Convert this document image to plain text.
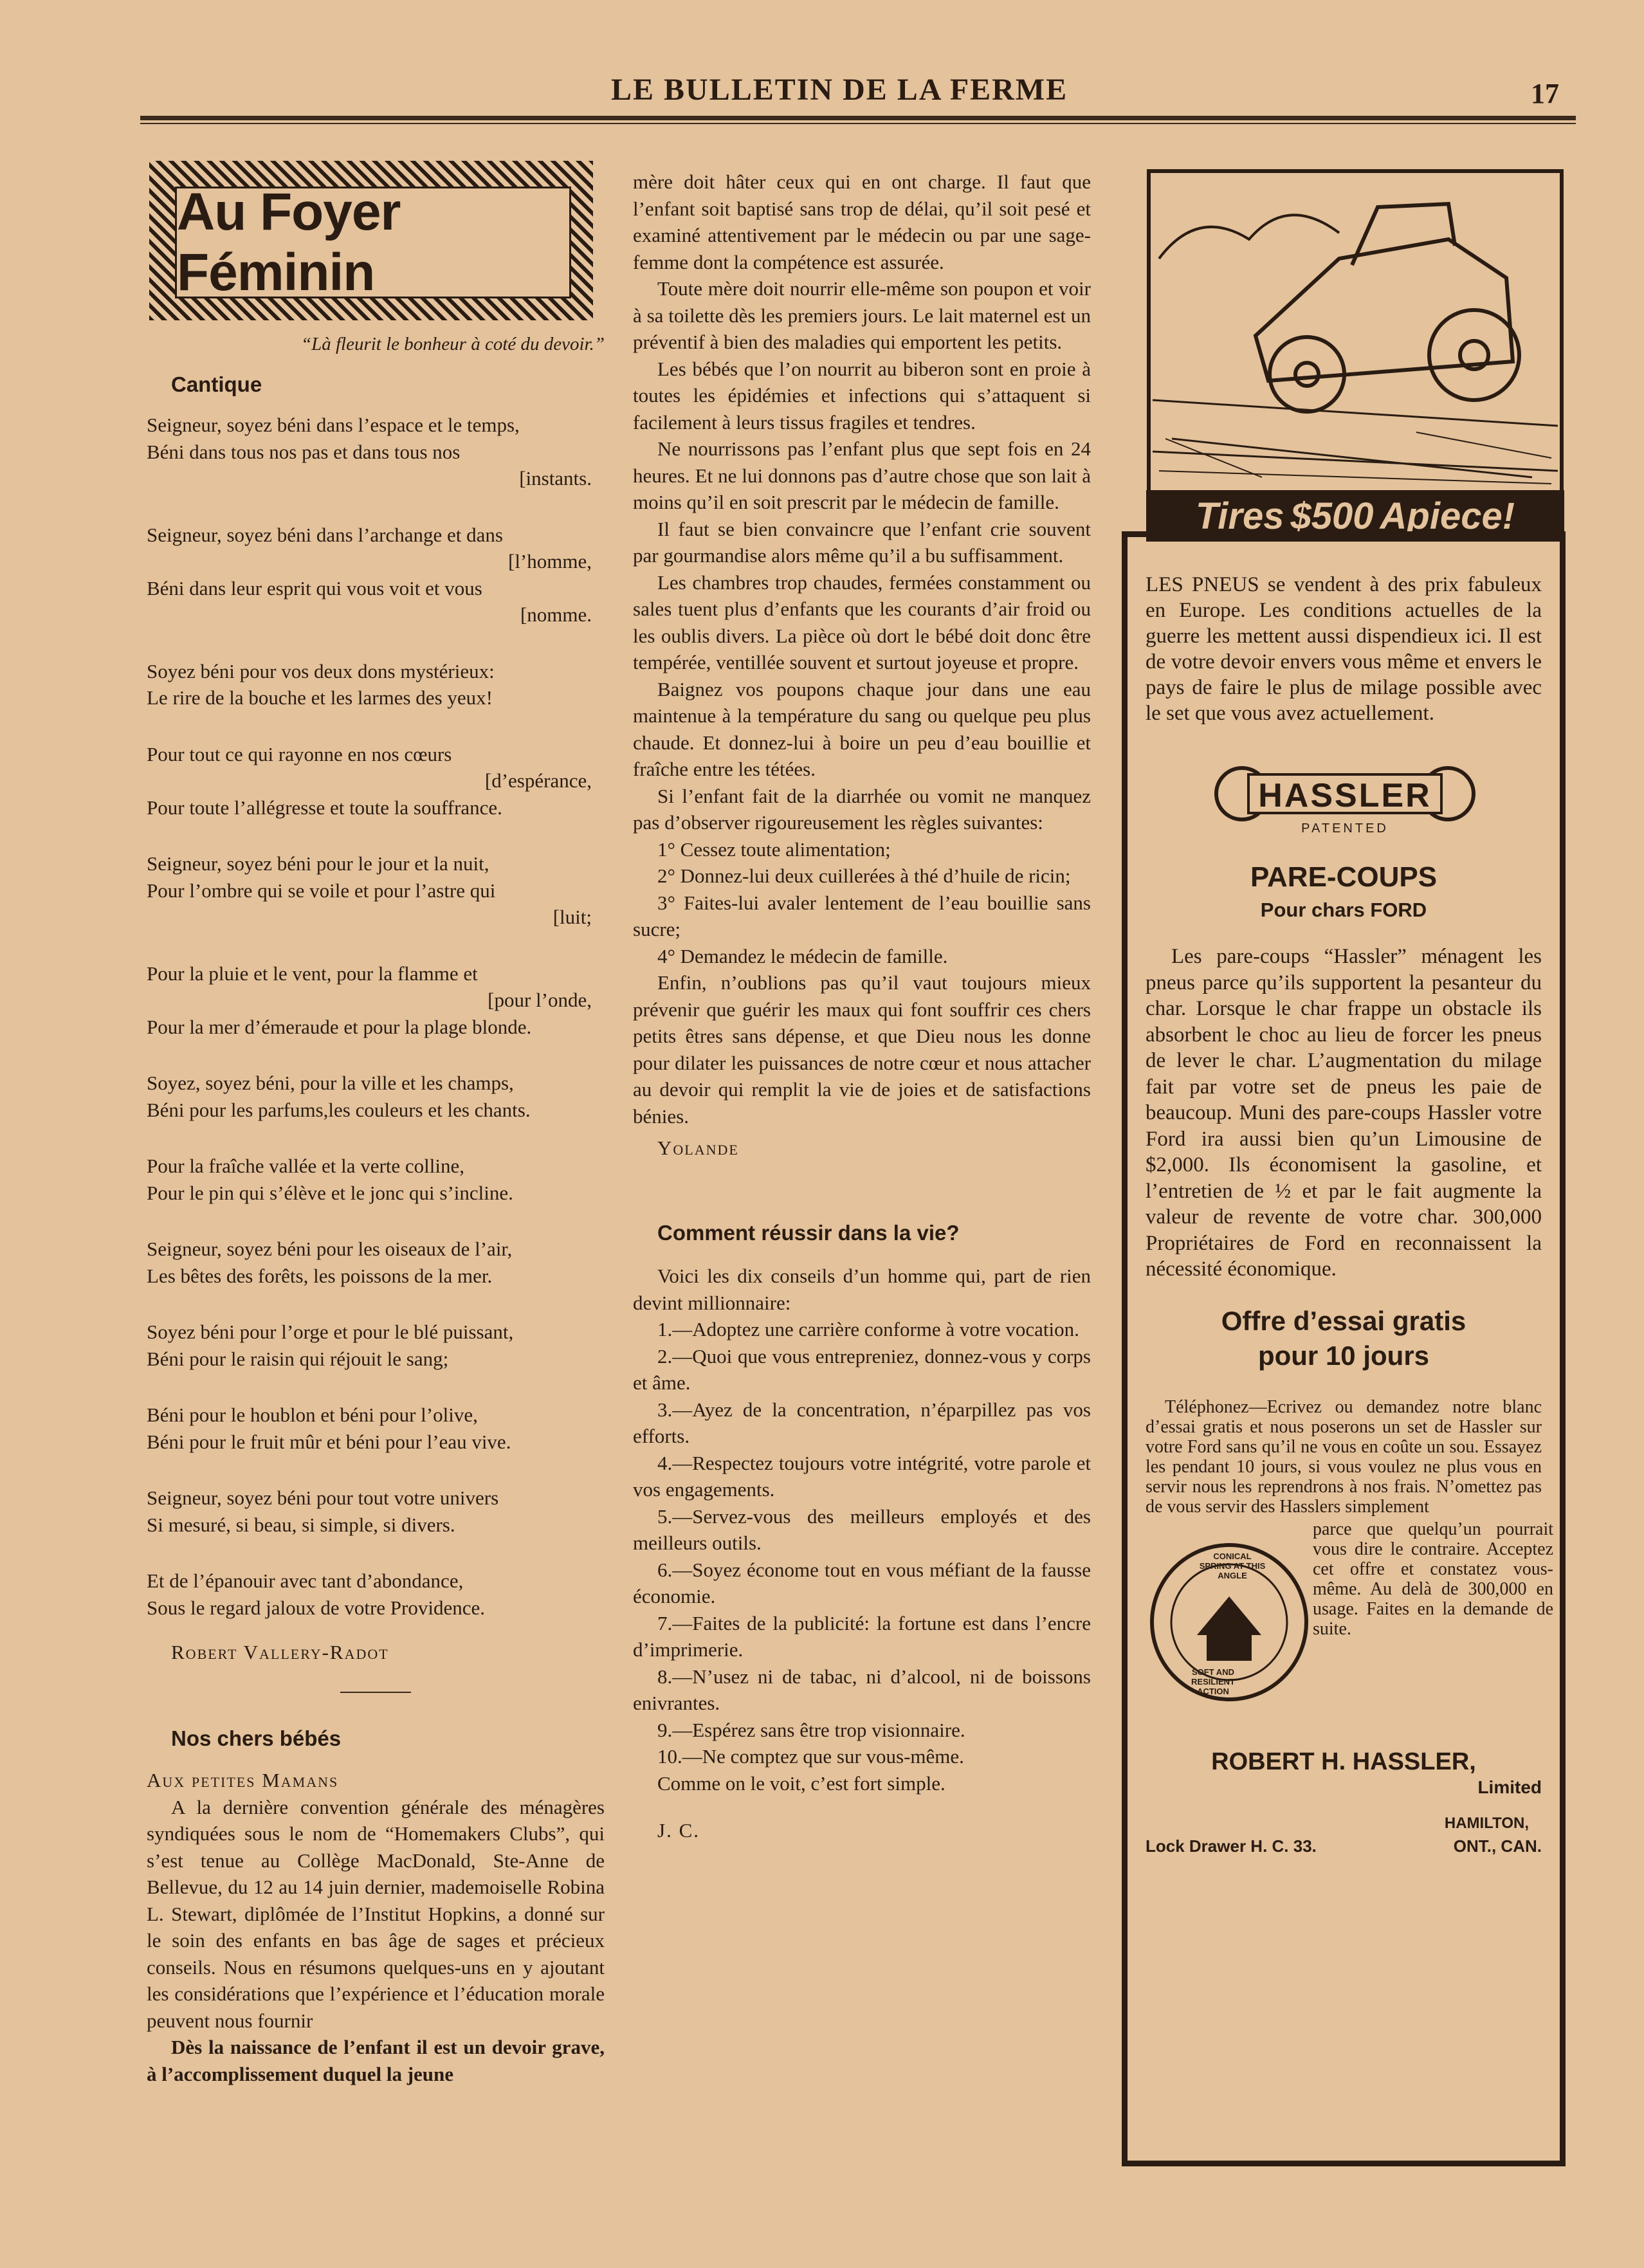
LE BULLETIN DE LA FERME	17
Au Foyer Féminin

“Là fleurit le bonheur à coté du devoir.”

Cantique

Seigneur, soyez béni dans l’espace et le temps,
Béni dans tous nos pas et dans tous nos
[instants.
Seigneur, soyez béni dans l’archange et dans
[l’homme,
Béni dans leur esprit qui vous voit et vous
[nomme.
Soyez béni pour vos deux dons mystérieux:
Le rire de la bouche et les larmes des yeux!
Pour tout ce qui rayonne en nos cœurs
[d’espérance,
Pour toute l’allégresse et toute la souffrance.
Seigneur, soyez béni pour le jour et la nuit,
Pour l’ombre qui se voile et pour l’astre qui
[luit;
Pour la pluie et le vent, pour la flamme et
[pour l’onde,
Pour la mer d’émeraude et pour la plage blonde.
Soyez, soyez béni, pour la ville et les champs,
Béni pour les parfums,les couleurs et les chants.
Pour la fraîche vallée et la verte colline,
Pour le pin qui s’élève et le jonc qui s’incline.
Seigneur, soyez béni pour les oiseaux de l’air,
Les bêtes des forêts, les poissons de la mer.
Soyez béni pour l’orge et pour le blé puissant,
Béni pour le raisin qui réjouit le sang;
Béni pour le houblon et béni pour l’olive,
Béni pour le fruit mûr et béni pour l’eau vive.
Seigneur, soyez béni pour tout votre univers
Si mesuré, si beau, si simple, si divers.
Et de l’épanouir avec tant d’abondance,
Sous le regard jaloux de votre Providence.

Robert Vallery-Radot

Nos chers bébés

Aux petites Mamans

A la dernière convention générale des ménagères syndiquées sous le nom de “Homemakers Clubs”, qui s’est tenue au Collège MacDonald, Ste-Anne de Bellevue, du 12 au 14 juin dernier, mademoiselle Robina L. Stewart, diplômée de l’Institut Hopkins, a donné sur le soin des enfants en bas âge de sages et précieux conseils. Nous en résumons quelques-uns en y ajoutant les considérations que l’expérience et l’éducation morale peuvent nous fournir

Dès la naissance de l’enfant il est un devoir grave, à l’accomplissement duquel la jeune

mère doit hâter ceux qui en ont charge. Il faut que l’enfant soit baptisé sans trop de délai, qu’il soit pesé et examiné attentivement par le médecin ou par une sage-femme dont la compétence est assurée.

Toute mère doit nourrir elle-même son poupon et voir à sa toilette dès les premiers jours. Le lait maternel est un préventif à bien des maladies qui emportent les petits.

Les bébés que l’on nourrit au biberon sont en proie à toutes les épidémies et infections qui s’attaquent si facilement à leurs tissus fragiles et tendres.

Ne nourrissons pas l’enfant plus que sept fois en 24 heures. Et ne lui donnons pas d’autre chose que son lait à moins qu’il en soit prescrit par le médecin de famille.

Il faut se bien convaincre que l’enfant crie souvent par gourmandise alors même qu’il a bu suffisamment.

Les chambres trop chaudes, fermées constamment ou sales tuent plus d’enfants que les courants d’air froid ou les oublis divers. La pièce où dort le bébé doit donc être tempérée, ventillée souvent et surtout joyeuse et propre.

Baignez vos poupons chaque jour dans une eau maintenue à la température du sang ou quelque peu plus chaude. Et donnez-lui à boire un peu d’eau bouillie et fraîche entre les tétées.

Si l’enfant fait de la diarrhée ou vomit ne manquez pas d’observer rigoureusement les règles suivantes:

1° Cessez toute alimentation;

2° Donnez-lui deux cuillerées à thé d’huile de ricin;

3° Faites-lui avaler lentement de l’eau bouillie sans sucre;

4° Demandez le médecin de famille.

Enfin, n’oublions pas qu’il vaut toujours mieux prévenir que guérir les maux qui font souffrir ces chers petits êtres sans dépense, et que Dieu nous les donne pour dilater les puissances de notre cœur et nous attacher au devoir qui remplit la vie de joies et de satisfactions bénies.

Yolande

Comment réussir dans la vie?

Voici les dix conseils d’un homme qui, part de rien devint millionnaire:

1.—Adoptez une carrière conforme à votre vocation.

2.—Quoi que vous entrepreniez, donnez-vous y corps et âme.

3.—Ayez de la concentration, n’éparpillez pas vos efforts.

4.—Respectez toujours votre intégrité, votre parole et vos engagements.

5.—Servez-vous des meilleurs employés et des meilleurs outils.

6.—Soyez économe tout en vous méfiant de la fausse économie.

7.—Faites de la publicité: la fortune est dans l’encre d’imprimerie.

8.—N’usez ni de tabac, ni d’alcool, ni de boissons enivrantes.

9.—Espérez sans être trop visionnaire.

10.—Ne comptez que sur vous-même.

Comme on le voit, c’est fort simple.

J. C.

Tires $500 Apiece!

LES PNEUS se vendent à des prix fabuleux en Europe. Les conditions actuelles de la guerre les mettent aussi dispendieux ici. Il est de votre devoir envers vous même et envers le pays de faire le plus de milage possible avec le set que vous avez actuellement.

HASSLER
PATENTED
PARE-COUPS
Pour chars FORD

Les pare-coups “Hassler” ménagent les pneus parce qu’ils supportent la pesanteur du char. Lorsque le char frappe un obstacle ils absorbent le choc au lieu de forcer les pneus de lever le char. L’augmentation du milage fait par votre set de pneus les paie de beaucoup. Muni des pare-coups Hassler votre Ford ira aussi bien qu’un Limousine de $2,000. Ils économisent la gasoline, et l’entretien de ½ et par le fait augmente la valeur de revente de votre char. 300,000 Propriétaires de Ford en reconnaissent la nécessité économique.

Offre d’essai gratis
pour 10 jours

Téléphonez—Ecrivez ou demandez notre blanc d’essai gratis et nous poserons un set de Hassler sur votre Ford sans qu’il ne vous en coûte un sou. Essayez les pendant 10 jours, si vous voulez ne plus vous en servir nous les reprendrons à nos frais. N’omettez pas de vous servir des Hasslers simplement

CONICAL SPRING AT THIS ANGLE
SOFT AND RESILIENT ACTION

parce que quelqu’un pourrait vous dire le contraire. Acceptez cet offre et constatez vous-même. Au delà de 300,000 en usage. Faites en la demande de suite.

ROBERT H. HASSLER,
Limited
HAMILTON,
Lock Drawer H. C. 33.	ONT., CAN.
